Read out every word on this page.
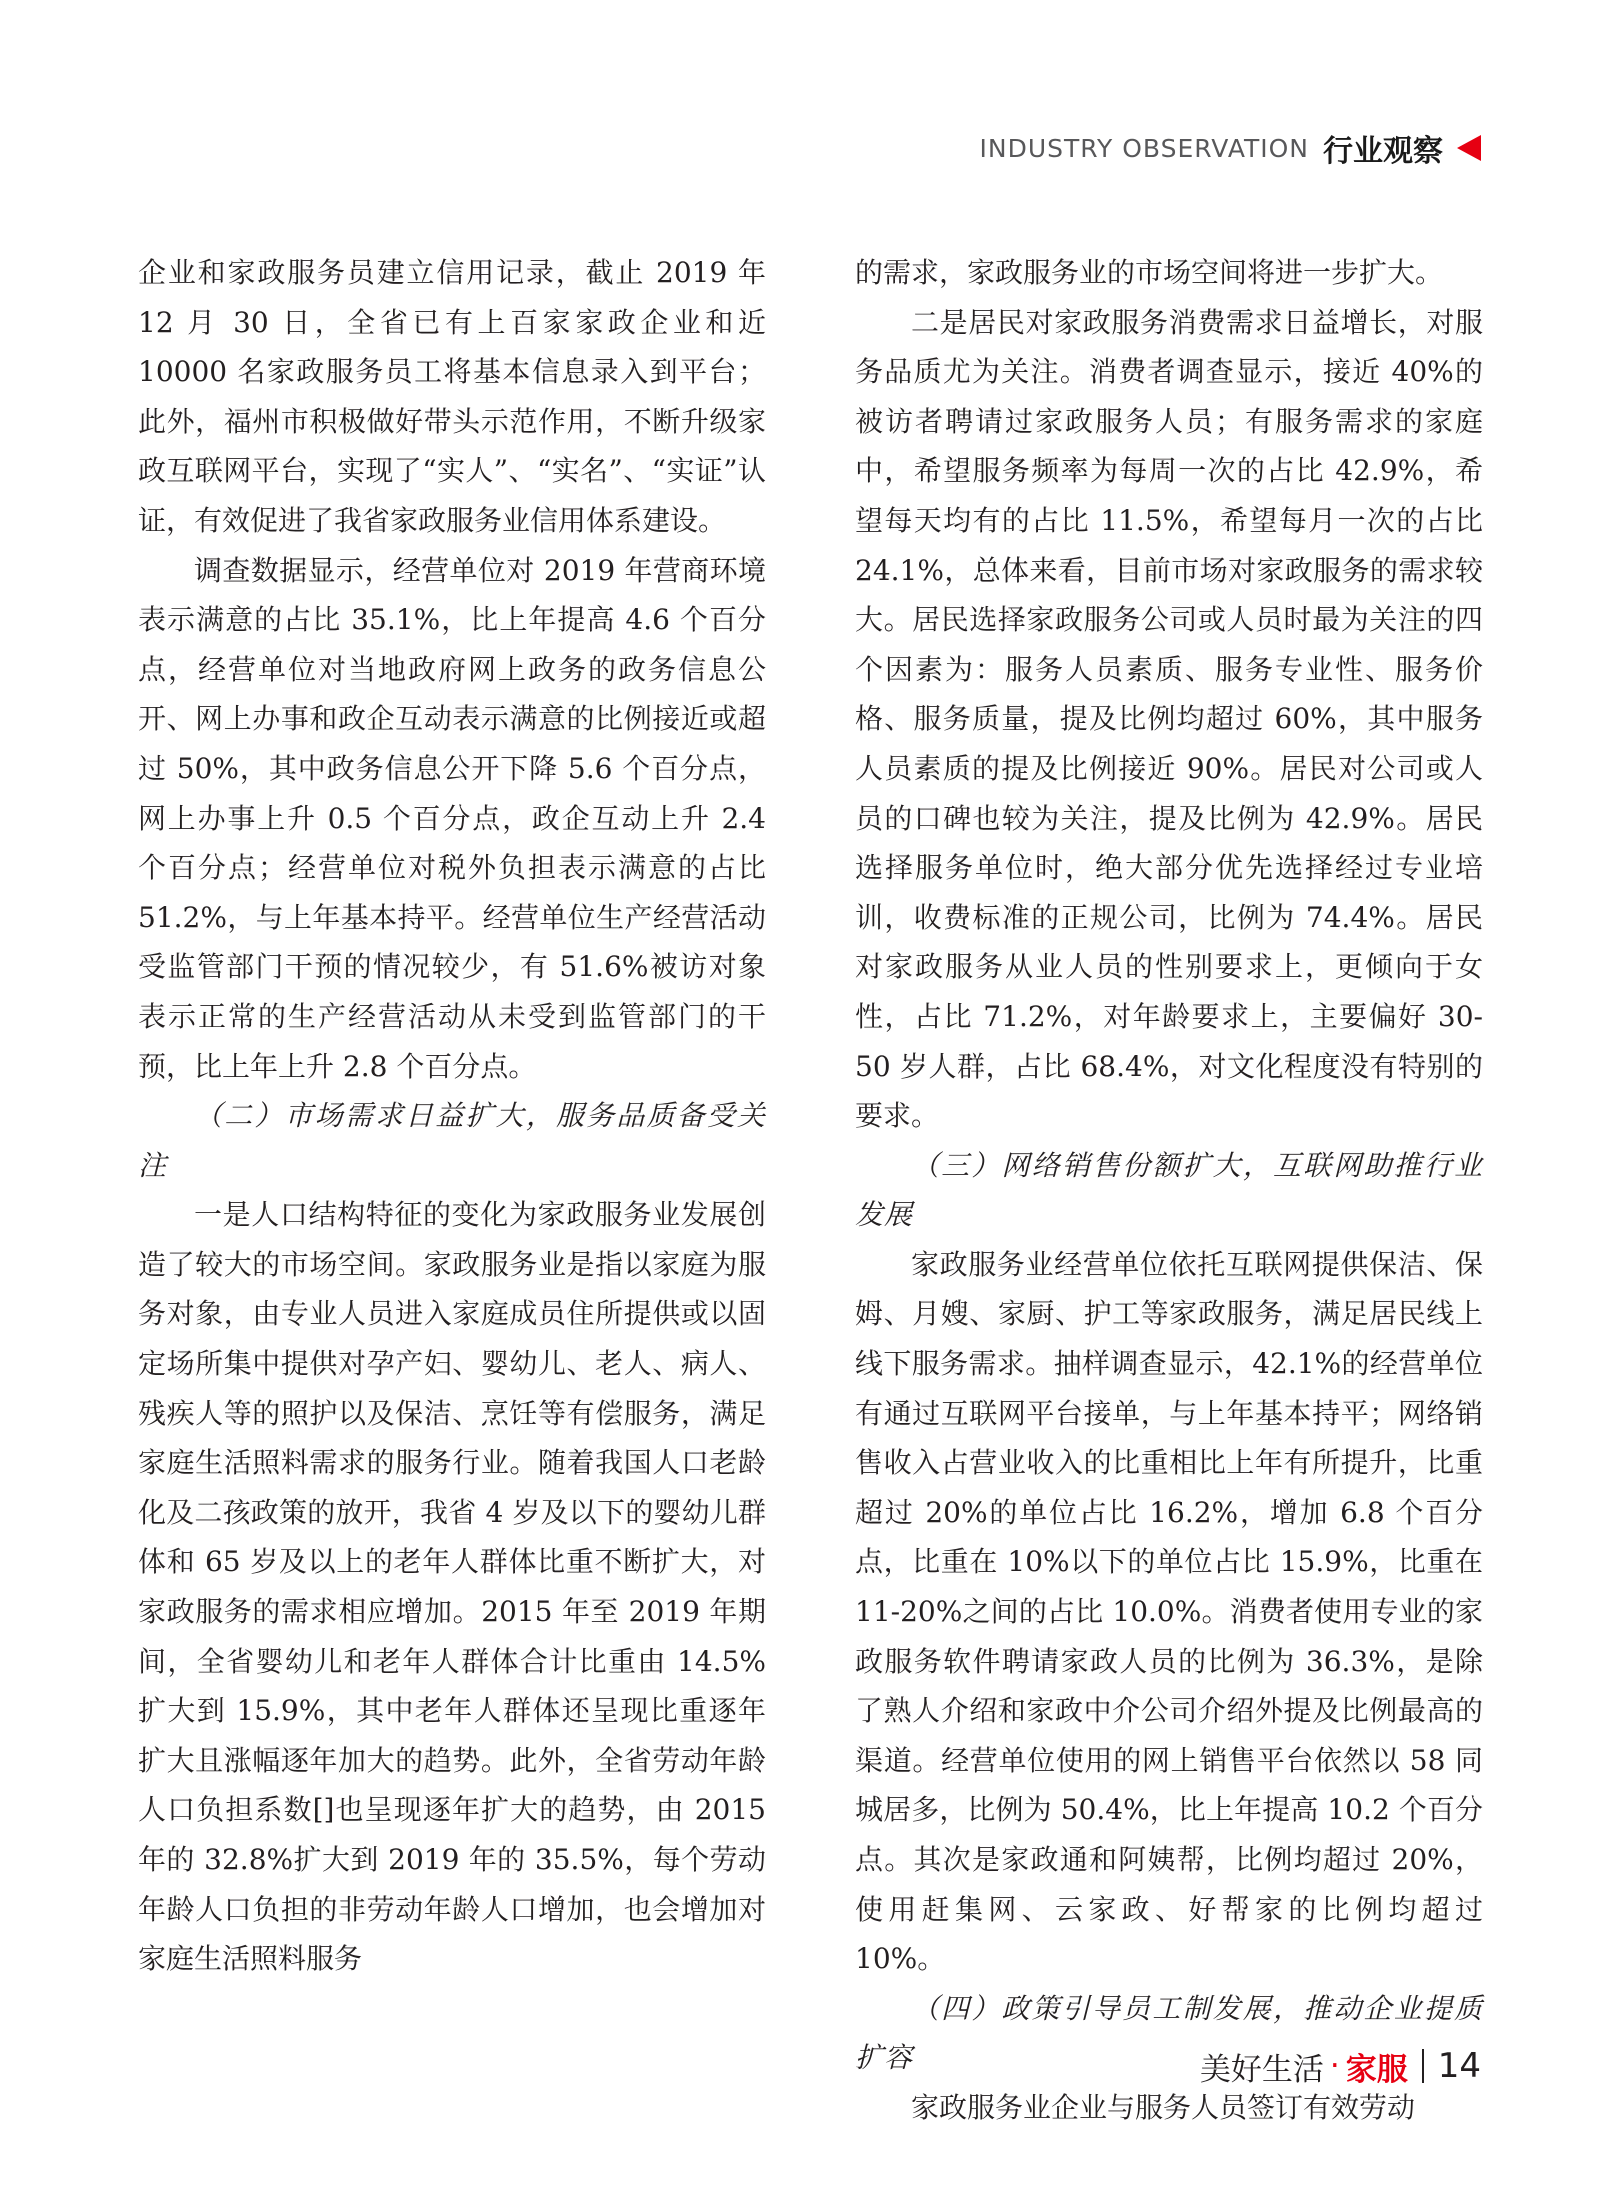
INDUSTRY OBSERVATION 行业观察

企业和家政服务员建立信用记录，截止 2019 年 12 月 30 日，全省已有上百家家政企业和近 10000 名家政服务员工将基本信息录入到平台；此外，福州市积极做好带头示范作用，不断升级家政互联网平台，实现了“实人”、“实名”、“实证”认证，有效促进了我省家政服务业信用体系建设。

调查数据显示，经营单位对 2019 年营商环境表示满意的占比 35.1%，比上年提高 4.6 个百分点，经营单位对当地政府网上政务的政务信息公开、网上办事和政企互动表示满意的比例接近或超过 50%，其中政务信息公开下降 5.6 个百分点，网上办事上升 0.5 个百分点，政企互动上升 2.4 个百分点；经营单位对税外负担表示满意的占比 51.2%，与上年基本持平。经营单位生产经营活动受监管部门干预的情况较少，有 51.6%被访对象表示正常的生产经营活动从未受到监管部门的干预，比上年上升 2.8 个百分点。

（二）市场需求日益扩大，服务品质备受关注

一是人口结构特征的变化为家政服务业发展创造了较大的市场空间。家政服务业是指以家庭为服务对象，由专业人员进入家庭成员住所提供或以固定场所集中提供对孕产妇、婴幼儿、老人、病人、残疾人等的照护以及保洁、烹饪等有偿服务，满足家庭生活照料需求的服务行业。随着我国人口老龄化及二孩政策的放开，我省 4 岁及以下的婴幼儿群体和 65 岁及以上的老年人群体比重不断扩大，对家政服务的需求相应增加。2015 年至 2019 年期间，全省婴幼儿和老年人群体合计比重由 14.5%扩大到 15.9%，其中老年人群体还呈现比重逐年扩大且涨幅逐年加大的趋势。此外，全省劳动年龄人口负担系数[]也呈现逐年扩大的趋势，由 2015 年的 32.8%扩大到 2019 年的 35.5%，每个劳动年龄人口负担的非劳动年龄人口增加，也会增加对家庭生活照料服务

的需求，家政服务业的市场空间将进一步扩大。

二是居民对家政服务消费需求日益增长，对服务品质尤为关注。消费者调查显示，接近 40%的被访者聘请过家政服务人员；有服务需求的家庭中，希望服务频率为每周一次的占比 42.9%，希望每天均有的占比 11.5%，希望每月一次的占比 24.1%，总体来看，目前市场对家政服务的需求较大。居民选择家政服务公司或人员时最为关注的四个因素为：服务人员素质、服务专业性、服务价格、服务质量，提及比例均超过 60%，其中服务人员素质的提及比例接近 90%。居民对公司或人员的口碑也较为关注，提及比例为 42.9%。居民选择服务单位时，绝大部分优先选择经过专业培训，收费标准的正规公司，比例为 74.4%。居民对家政服务从业人员的性别要求上，更倾向于女性，占比 71.2%，对年龄要求上，主要偏好 30-50 岁人群，占比 68.4%，对文化程度没有特别的要求。

（三）网络销售份额扩大，互联网助推行业发展

家政服务业经营单位依托互联网提供保洁、保姆、月嫂、家厨、护工等家政服务，满足居民线上线下服务需求。抽样调查显示，42.1%的经营单位有通过互联网平台接单，与上年基本持平；网络销售收入占营业收入的比重相比上年有所提升，比重超过 20%的单位占比 16.2%，增加 6.8 个百分点，比重在 10%以下的单位占比 15.9%，比重在 11-20%之间的占比 10.0%。消费者使用专业的家政服务软件聘请家政人员的比例为 36.3%，是除了熟人介绍和家政中介公司介绍外提及比例最高的渠道。经营单位使用的网上销售平台依然以 58 同城居多，比例为 50.4%，比上年提高 10.2 个百分点。其次是家政通和阿姨帮，比例均超过 20%，使用赶集网、云家政、好帮家的比例均超过 10%。

（四）政策引导员工制发展，推动企业提质扩容

家政服务业企业与服务人员签订有效劳动

美好生活 · 家服 14
